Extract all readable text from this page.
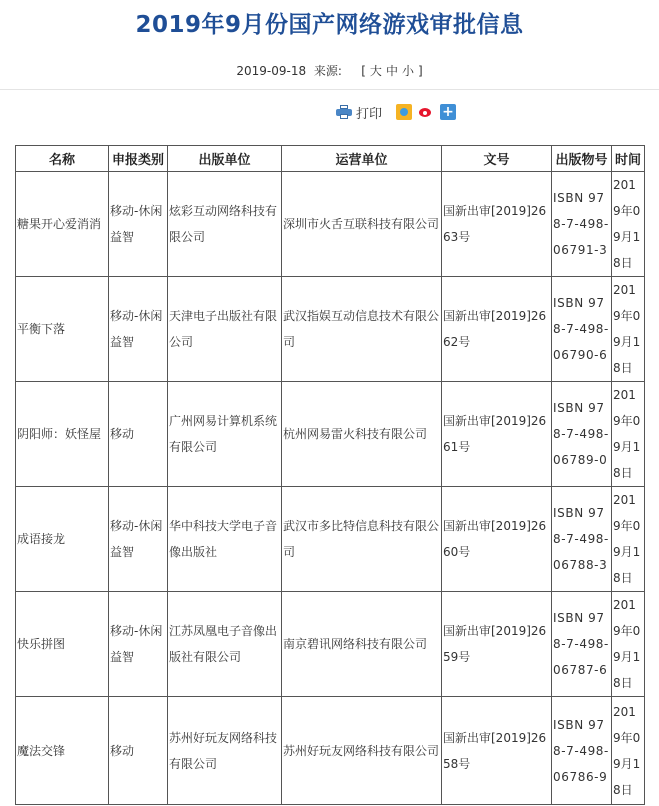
2019年9月份国产网络游戏审批信息
2019-09-18 来源: [ 大 中 小 ]
打印	+
名称	申报类别	出版单位	运营单位	文号	出版物号	时间
糖果开心爱消消	移动-休闲益智	炫彩互动网络科技有限公司	深圳市火舌互联科技有限公司	国新出审[2019]2663号	ISBN 978-7-498-06791-3	2019年09月18日
平衡下落	移动-休闲益智	天津电子出版社有限公司	武汉指娱互动信息技术有限公司	国新出审[2019]2662号	ISBN 978-7-498-06790-6	2019年09月18日
阴阳师：妖怪屋	移动	广州网易计算机系统有限公司	杭州网易雷火科技有限公司	国新出审[2019]2661号	ISBN 978-7-498-06789-0	2019年09月18日
成语接龙	移动-休闲益智	华中科技大学电子音像出版社	武汉市多比特信息科技有限公司	国新出审[2019]2660号	ISBN 978-7-498-06788-3	2019年09月18日
快乐拼图	移动-休闲益智	江苏凤凰电子音像出版社有限公司	南京碧讯网络科技有限公司	国新出审[2019]2659号	ISBN 978-7-498-06787-6	2019年09月18日
魔法交锋	移动	苏州好玩友网络科技有限公司	苏州好玩友网络科技有限公司	国新出审[2019]2658号	ISBN 978-7-498-06786-9	2019年09月18日
